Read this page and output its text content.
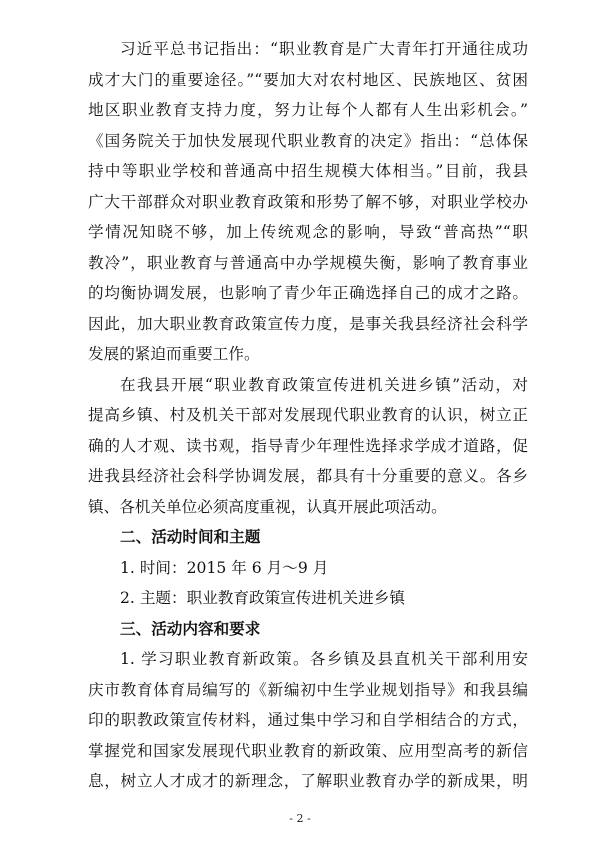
习近平总书记指出：“职业教育是广大青年打开通往成功
成才大门的重要途径。”“要加大对农村地区、民族地区、贫困
地区职业教育支持力度，努力让每个人都有人生出彩机会。”
《国务院关于加快发展现代职业教育的决定》指出：“总体保
持中等职业学校和普通高中招生规模大体相当。”目前，我县
广大干部群众对职业教育政策和形势了解不够，对职业学校办
学情况知晓不够，加上传统观念的影响，导致“普高热”“职
教冷”，职业教育与普通高中办学规模失衡，影响了教育事业
的均衡协调发展，也影响了青少年正确选择自己的成才之路。
因此，加大职业教育政策宣传力度，是事关我县经济社会科学
发展的紧迫而重要工作。
在我县开展“职业教育政策宣传进机关进乡镇”活动，对
提高乡镇、村及机关干部对发展现代职业教育的认识，树立正
确的人才观、读书观，指导青少年理性选择求学成才道路，促
进我县经济社会科学协调发展，都具有十分重要的意义。各乡
镇、各机关单位必须高度重视，认真开展此项活动。
二、活动时间和主题
1. 时间：2015 年 6 月～9 月
2. 主题：职业教育政策宣传进机关进乡镇
三、活动内容和要求
1. 学习职业教育新政策。各乡镇及县直机关干部利用安
庆市教育体育局编写的《新编初中生学业规划指导》和我县编
印的职教政策宣传材料，通过集中学习和自学相结合的方式，
掌握党和国家发展现代职业教育的新政策、应用型高考的新信
息，树立人才成才的新理念，了解职业教育办学的新成果，明
- 2 -
